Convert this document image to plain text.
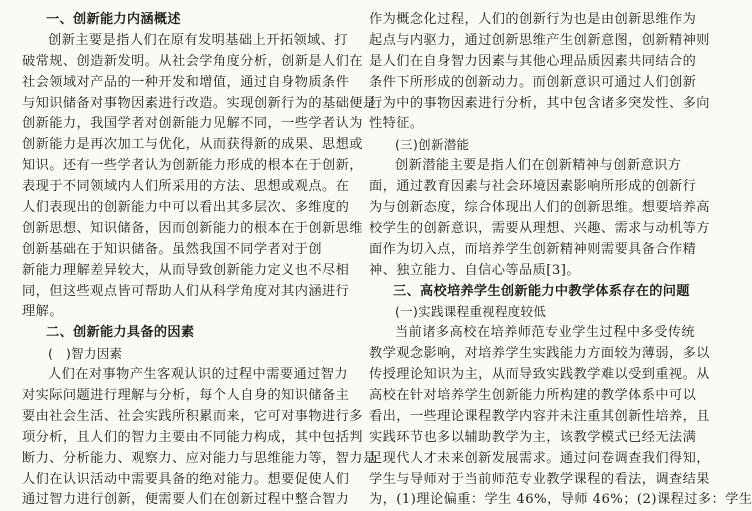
一、创新能力内涵概述
创新主要是指人们在原有发明基础上开拓领域、打
破常规、创造新发明。从社会学角度分析，创新是人们在
社会领域对产品的一种开发和增值，通过自身物质条件
与知识储备对事物因素进行改造。实现创新行为的基础便是
创新能力，我国学者对创新能力见解不同，一些学者认为
创新能力是再次加工与优化，从而获得新的成果、思想或
知识。还有一些学者认为创新能力形成的根本在于创新，
表现于不同领域内人们所采用的方法、思想或观点。在
人们表现出的创新能力中可以看出其多层次、多维度的
创新思想、知识储备，因而创新能力的根本在于创新思维
创新基础在于知识储备。虽然我国不同学者对于创
新能力理解差异较大，从而导致创新能力定义也不尽相
同，但这些观点皆可帮助人们从科学角度对其内涵进行
理解。
二、创新能力具备的因素
(　)智力因素
人们在对事物产生客观认识的过程中需要通过智力
对实际问题进行理解与分析，每个人自身的知识储备主
要由社会生活、社会实践所积累而来，它可对事物进行多
项分析，且人们的智力主要由不同能力构成，其中包括判
断力、分析能力、观察力、应对能力与思维能力等，智力是
人们在认识活动中需要具备的绝对能力。想要促使人们
通过智力进行创新，便需要人们在创新过程中整合智力
作为概念化过程，人们的创新行为也是由创新思维作为
起点与内驱力，通过创新思维产生创新意图，创新精神则
是人们在自身智力因素与其他心理品质因素共同结合的
条件下所形成的创新动力。而创新意识可通过人们创新
行为中的事物因素进行分析，其中包含诸多突发性、多向
性特征。
(三)创新潜能
创新潜能主要是指人们在创新精神与创新意识方
面，通过教育因素与社会环境因素影响所形成的创新行
为与创新态度，综合体现出人们的创新思维。想要培养高
校学生的创新意识，需要从理想、兴趣、需求与动机等方
面作为切入点，而培养学生创新精神则需要具备合作精
神、独立能力、自信心等品质[3]。
三、高校培养学生创新能力中教学体系存在的问题
(一)实践课程重视程度较低
当前诸多高校在培养师范专业学生过程中多受传统
教学观念影响，对培养学生实践能力方面较为薄弱，多以
传授理论知识为主，从而导致实践教学难以受到重视。从
高校在针对培养学生创新能力所构建的教学体系中可以
看出，一些理论课程教学内容并未注重其创新性培养，且
实践环节也多以辅助教学为主，该教学模式已经无法满
足现代人才未来创新发展需求。通过问卷调查我们得知，
学生与导师对于当前师范专业教学课程的看法，调查结果
为，(1)理论偏重：学生 46%，导师 46%；(2)课程过多：学生
